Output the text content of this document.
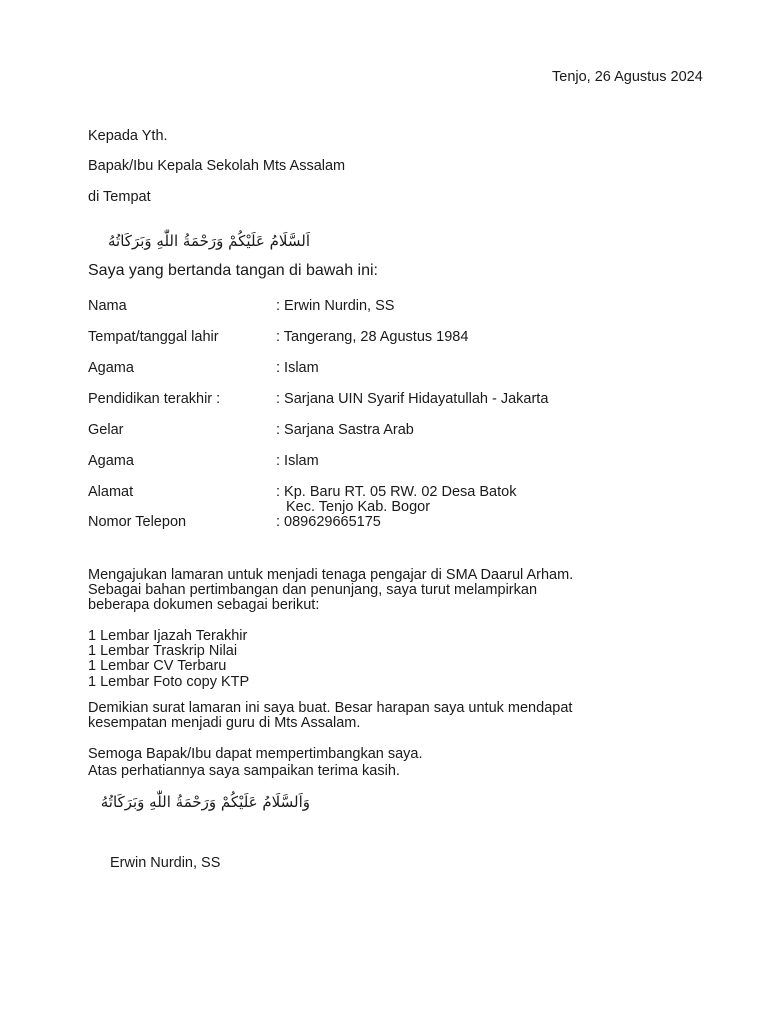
Tenjo, 26 Agustus 2024
Kepada Yth.
Bapak/Ibu Kepala Sekolah Mts Assalam
di Tempat
اَلسَّلَامُ عَلَيْكُمْ وَرَحْمَةُ اللّٰهِ وَبَرَكَاتُهُ
Saya yang bertanda tangan di bawah ini:
Nama	: Erwin Nurdin, SS
Tempat/tanggal lahir	: Tangerang, 28 Agustus 1984
Agama	: Islam
Pendidikan terakhir :	: Sarjana UIN Syarif Hidayatullah - Jakarta
Gelar	: Sarjana Sastra Arab
Agama	: Islam
Alamat	: Kp. Baru RT. 05 RW. 02 Desa Batok
Kec. Tenjo Kab. Bogor
Nomor Telepon	: 089629665175
Mengajukan lamaran untuk menjadi tenaga pengajar di SMA Daarul Arham.
Sebagai bahan pertimbangan dan penunjang, saya turut melampirkan
beberapa dokumen sebagai berikut:
1 Lembar Ijazah Terakhir
1 Lembar Traskrip Nilai
1 Lembar CV Terbaru
1 Lembar Foto copy KTP
Demikian surat lamaran ini saya buat. Besar harapan saya untuk mendapat
kesempatan menjadi guru di Mts Assalam.
Semoga Bapak/Ibu dapat mempertimbangkan saya.
Atas perhatiannya saya sampaikan terima kasih.
وَاَلسَّلَامُ عَلَيْكُمْ وَرَحْمَةُ اللّٰهِ وَبَرَكَاتُهُ
Erwin Nurdin, SS
